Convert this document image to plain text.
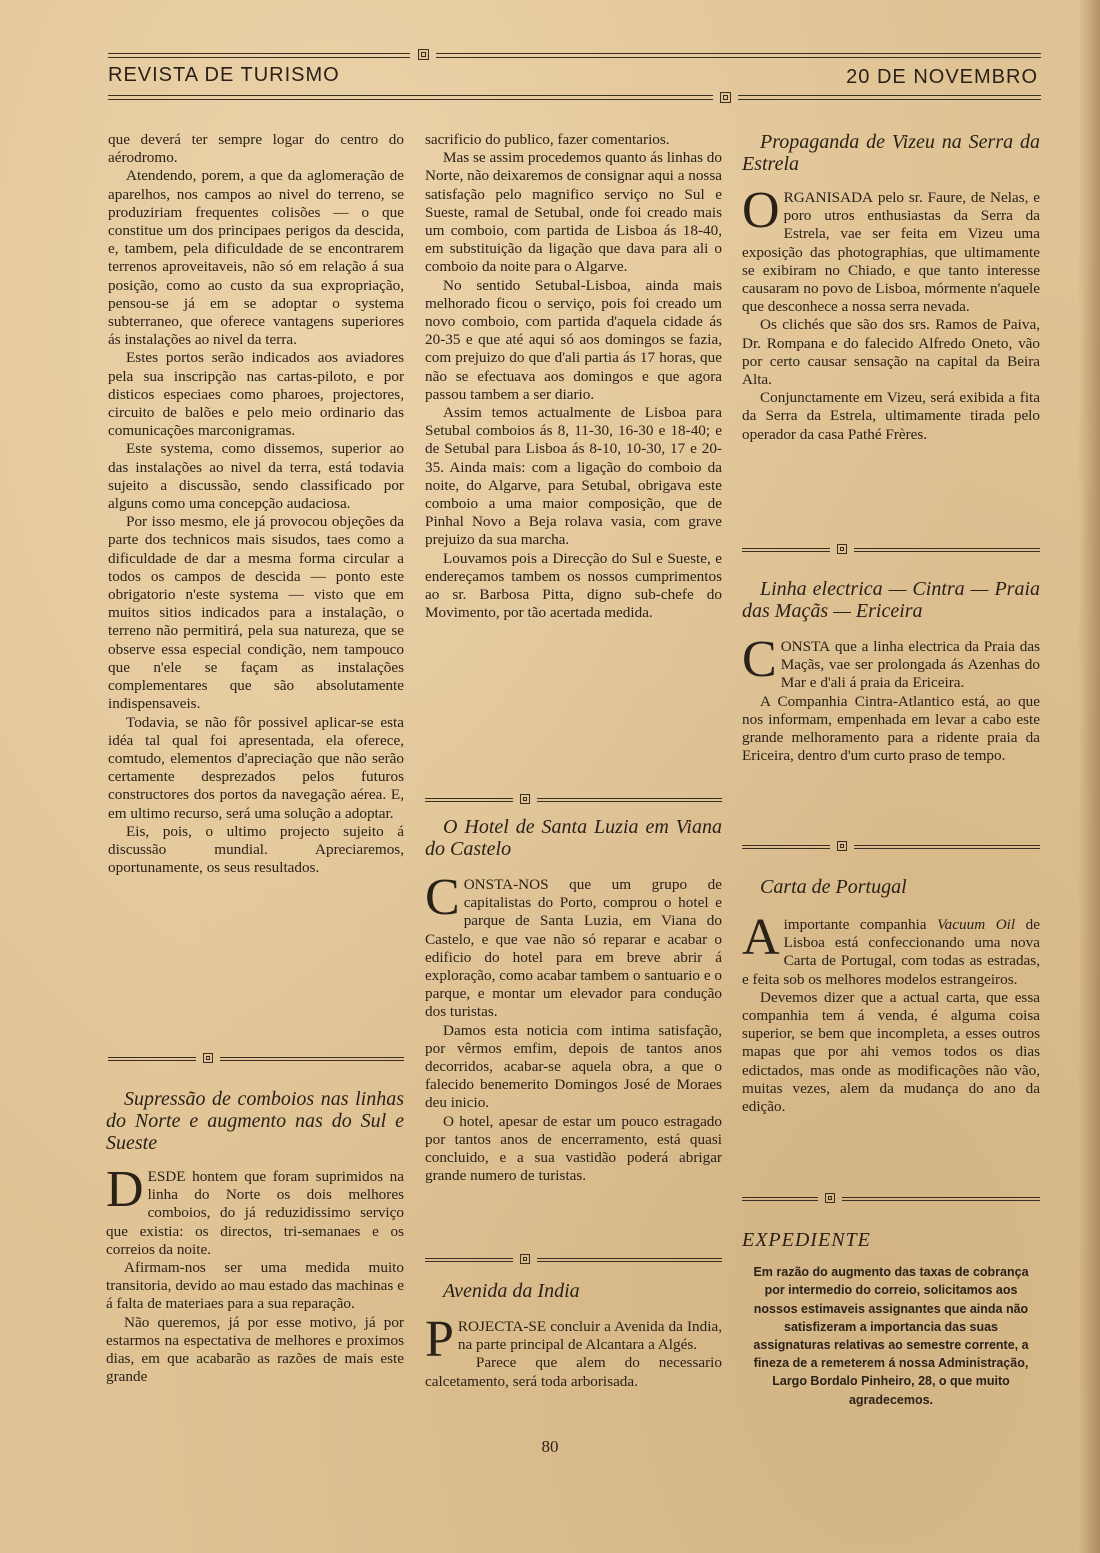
REVISTA DE TURISMO	20 DE NOVEMBRO

que deverá ter sempre logar do centro do aérodromo.

Atendendo, porem, a que da aglomeração de aparelhos, nos campos ao nivel do terreno, se produziriam frequentes colisões — o que constitue um dos principaes perigos da descida, e, tambem, pela dificuldade de se encontrarem terrenos aproveitaveis, não só em relação á sua posição, como ao custo da sua expropriação, pensou-se já em se adoptar o systema subterraneo, que oferece vantagens superiores ás instalações ao nivel da terra.

Estes portos serão indicados aos aviadores pela sua inscripção nas cartas-piloto, e por disticos especiaes como pharoes, projectores, circuito de balões e pelo meio ordinario das comunicações marconigramas.

Este systema, como dissemos, superior ao das instalações ao nivel da terra, está todavia sujeito a discussão, sendo classificado por alguns como uma concepção audaciosa.

Por isso mesmo, ele já provocou objeções da parte dos technicos mais sisudos, taes como a dificuldade de dar a mesma forma circular a todos os campos de descida — ponto este obrigatorio n'este systema — visto que em muitos sitios indicados para a instalação, o terreno não permitirá, pela sua natureza, que se observe essa especial condição, nem tampouco que n'ele se façam as instalações complementares que são absolutamente indispensaveis.

Todavia, se não fôr possivel aplicar-se esta idéa tal qual foi apresentada, ela oferece, comtudo, elementos d'apreciação que não serão certamente desprezados pelos futuros constructores dos portos da navegação aérea. E, em ultimo recurso, será uma solução a adoptar.

Eis, pois, o ultimo projecto sujeito á discussão mundial. Apreciaremos, oportunamente, os seus resultados.

Supressão de comboios nas linhas do Norte e augmento nas do Sul e Sueste

DESDE hontem que foram suprimidos na linha do Norte os dois melhores comboios, do já reduzidissimo serviço que existia: os directos, tri-semanaes e os correios da noite.

Afirmam-nos ser uma medida muito transitoria, devido ao mau estado das machinas e á falta de materiaes para a sua reparação.

Não queremos, já por esse motivo, já por estarmos na espectativa de melhores e proximos dias, em que acabarão as razões de mais este grande

sacrificio do publico, fazer comentarios.

Mas se assim procedemos quanto ás linhas do Norte, não deixaremos de consignar aqui a nossa satisfação pelo magnifico serviço no Sul e Sueste, ramal de Setubal, onde foi creado mais um comboio, com partida de Lisboa ás 18-40, em substituição da ligação que dava para ali o comboio da noite para o Algarve.

No sentido Setubal-Lisboa, ainda mais melhorado ficou o serviço, pois foi creado um novo comboio, com partida d'aquela cidade ás 20-35 e que até aqui só aos domingos se fazia, com prejuizo do que d'ali partia ás 17 horas, que não se efectuava aos domingos e que agora passou tambem a ser diario.

Assim temos actualmente de Lisboa para Setubal comboios ás 8, 11-30, 16-30 e 18-40; e de Setubal para Lisboa ás 8-10, 10-30, 17 e 20-35. Ainda mais: com a ligação do comboio da noite, do Algarve, para Setubal, obrigava este comboio a uma maior composição, que de Pinhal Novo a Beja rolava vasia, com grave prejuizo da sua marcha.

Louvamos pois a Direcção do Sul e Sueste, e endereçamos tambem os nossos cumprimentos ao sr. Barbosa Pitta, digno sub-chefe do Movimento, por tão acertada medida.

O Hotel de Santa Luzia em Viana do Castelo

CONSTA-NOS que um grupo de capitalistas do Porto, comprou o hotel e parque de Santa Luzia, em Viana do Castelo, e que vae não só reparar e acabar o edificio do hotel para em breve abrir á exploração, como acabar tambem o santuario e o parque, e montar um elevador para condução dos turistas.

Damos esta noticia com intima satisfação, por vêrmos emfim, depois de tantos anos decorridos, acabar-se aquela obra, a que o falecido benemerito Domingos José de Moraes deu inicio.

O hotel, apesar de estar um pouco estragado por tantos anos de encerramento, está quasi concluido, e a sua vastidão poderá abrigar grande numero de turistas.

Avenida da India

PROJECTA-SE concluir a Avenida da India, na parte principal de Alcantara a Algés.

Parece que alem do necessario calcetamento, será toda arborisada.

Propaganda de Vizeu na Serra da Estrela

ORGANISADA pelo sr. Faure, de Nelas, e poro utros enthusiastas da Serra da Estrela, vae ser feita em Vizeu uma exposição das photographias, que ultimamente se exibiram no Chiado, e que tanto interesse causaram no povo de Lisboa, mórmente n'aquele que desconhece a nossa serra nevada.

Os clichés que são dos srs. Ramos de Paiva, Dr. Rompana e do falecido Alfredo Oneto, vão por certo causar sensação na capital da Beira Alta.

Conjunctamente em Vizeu, será exibida a fita da Serra da Estrela, ultimamente tirada pelo operador da casa Pathé Frères.

Linha electrica — Cintra — Praia das Maçãs — Ericeira

CONSTA que a linha electrica da Praia das Maçãs, vae ser prolongada ás Azenhas do Mar e d'ali á praia da Ericeira.

A Companhia Cintra-Atlantico está, ao que nos informam, empenhada em levar a cabo este grande melhoramento para a ridente praia da Ericeira, dentro d'um curto praso de tempo.

Carta de Portugal

A importante companhia Vacuum Oil de Lisboa está confeccionando uma nova Carta de Portugal, com todas as estradas, e feita sob os melhores modelos estrangeiros.

Devemos dizer que a actual carta, que essa companhia tem á venda, é alguma coisa superior, se bem que incompleta, a esses outros mapas que por ahi vemos todos os dias edictados, mas onde as modificações não vão, muitas vezes, alem da mudança do ano da edição.

EXPEDIENTE

Em razão do augmento das taxas de cobrança por intermedio do correio, solicitamos aos nossos estimaveis assignantes que ainda não satisfizeram a importancia das suas assignaturas relativas ao semestre corrente, a fineza de a remeterem á nossa Administração, Largo Bordalo Pinheiro, 28, o que muito agradecemos.

80
